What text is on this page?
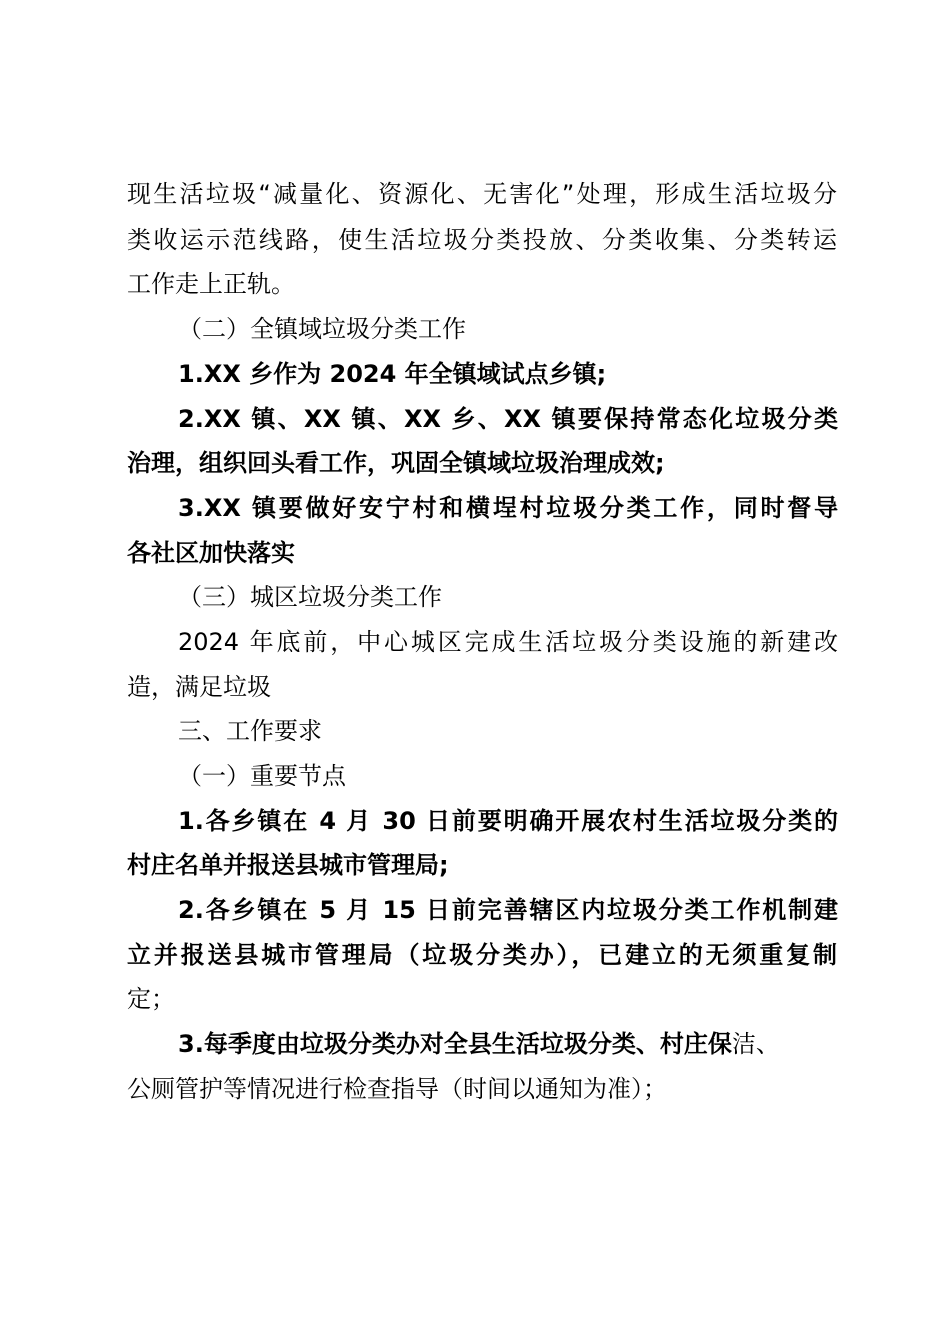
现生活垃圾“减量化、资源化、无害化”处理，形成生活垃圾分
类收运示范线路，使生活垃圾分类投放、分类收集、分类转运
工作走上正轨。
（二）全镇域垃圾分类工作
1.XX 乡作为 2024 年全镇域试点乡镇;
2.XX 镇、XX 镇、XX 乡、XX 镇要保持常态化垃圾分类
治理，组织回头看工作，巩固全镇域垃圾治理成效;
3.XX 镇要做好安宁村和横埕村垃圾分类工作，同时督导
各社区加快落实
（三）城区垃圾分类工作
2024 年底前，中心城区完成生活垃圾分类设施的新建改
造，满足垃圾
三、工作要求
（一）重要节点
1.各乡镇在 4 月 30 日前要明确开展农村生活垃圾分类的
村庄名单并报送县城市管理局;
2.各乡镇在 5 月 15 日前完善辖区内垃圾分类工作机制建
立并报送县城市管理局（垃圾分类办），已建立的无须重复制
定；
3.每季度由垃圾分类办对全县生活垃圾分类、村庄保洁、
公厕管护等情况进行检查指导（时间以通知为准）；
